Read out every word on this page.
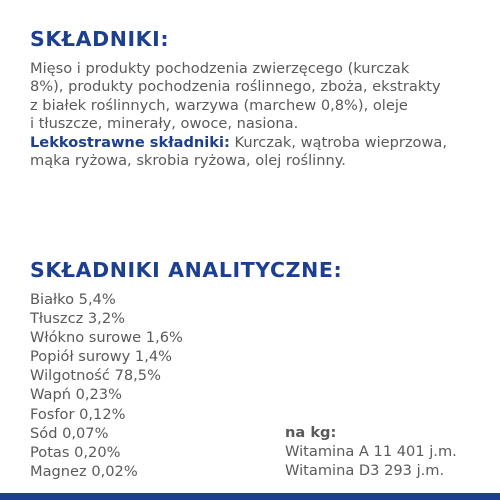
SKŁADNIKI:
Mięso i produkty pochodzenia zwierzęcego (kurczak
8%), produkty pochodzenia roślinnego, zboża, ekstrakty
z białek roślinnych, warzywa (marchew 0,8%), oleje
i tłuszcze, minerały, owoce, nasiona.
Lekkostrawne składniki: Kurczak, wątroba wieprzowa,
mąka ryżowa, skrobia ryżowa, olej roślinny.
SKŁADNIKI ANALITYCZNE:
Białko 5,4%
Tłuszcz 3,2%
Włókno surowe 1,6%
Popiół surowy 1,4%
Wilgotność 78,5%
Wapń 0,23%
Fosfor 0,12%
Sód 0,07%
Potas 0,20%
Magnez 0,02%
na kg:
Witamina A 11 401 j.m.
Witamina D3 293 j.m.
